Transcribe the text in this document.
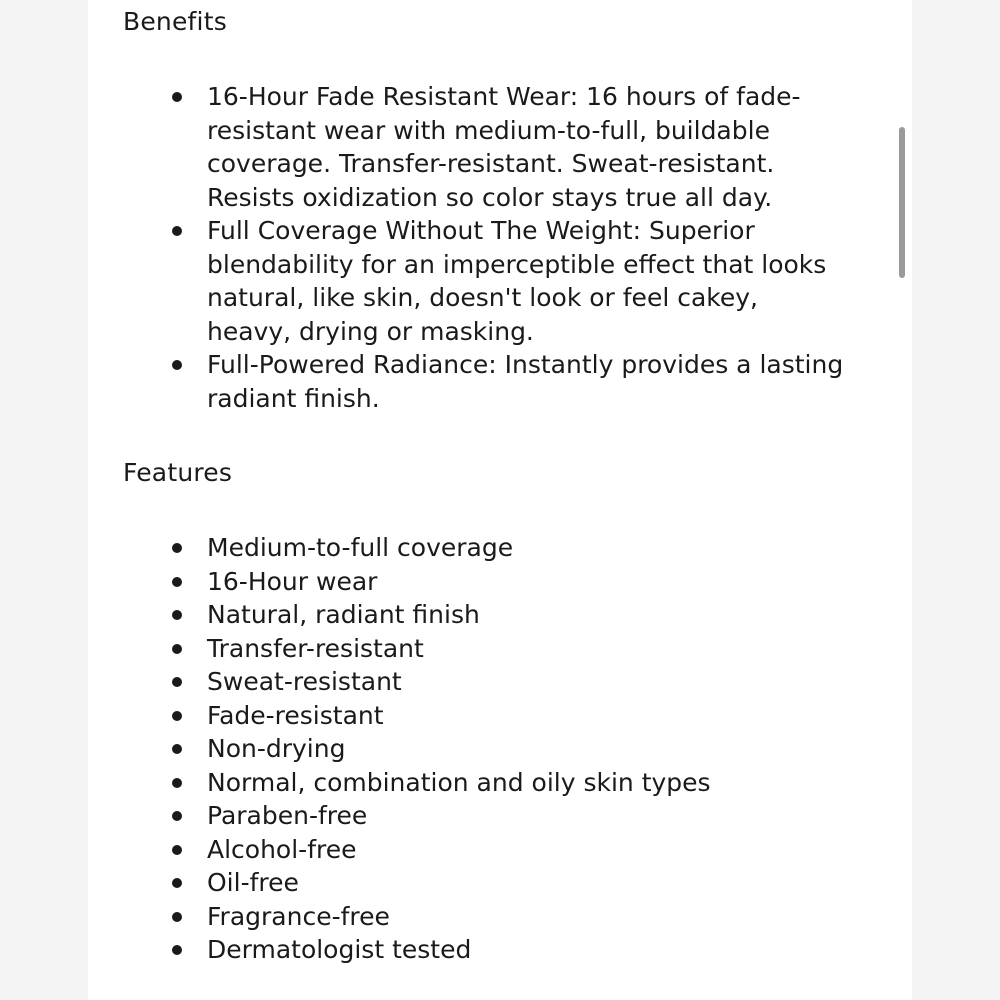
Benefits
16-Hour Fade Resistant Wear: 16 hours of fade-resistant wear with medium-to-full, buildable coverage. Transfer-resistant. Sweat-resistant. Resists oxidization so color stays true all day.
Full Coverage Without The Weight: Superior blendability for an imperceptible effect that looks natural, like skin, doesn't look or feel cakey, heavy, drying or masking.
Full-Powered Radiance: Instantly provides a lasting radiant finish.
Features
Medium-to-full coverage
16-Hour wear
Natural, radiant finish
Transfer-resistant
Sweat-resistant
Fade-resistant
Non-drying
Normal, combination and oily skin types
Paraben-free
Alcohol-free
Oil-free
Fragrance-free
Dermatologist tested
